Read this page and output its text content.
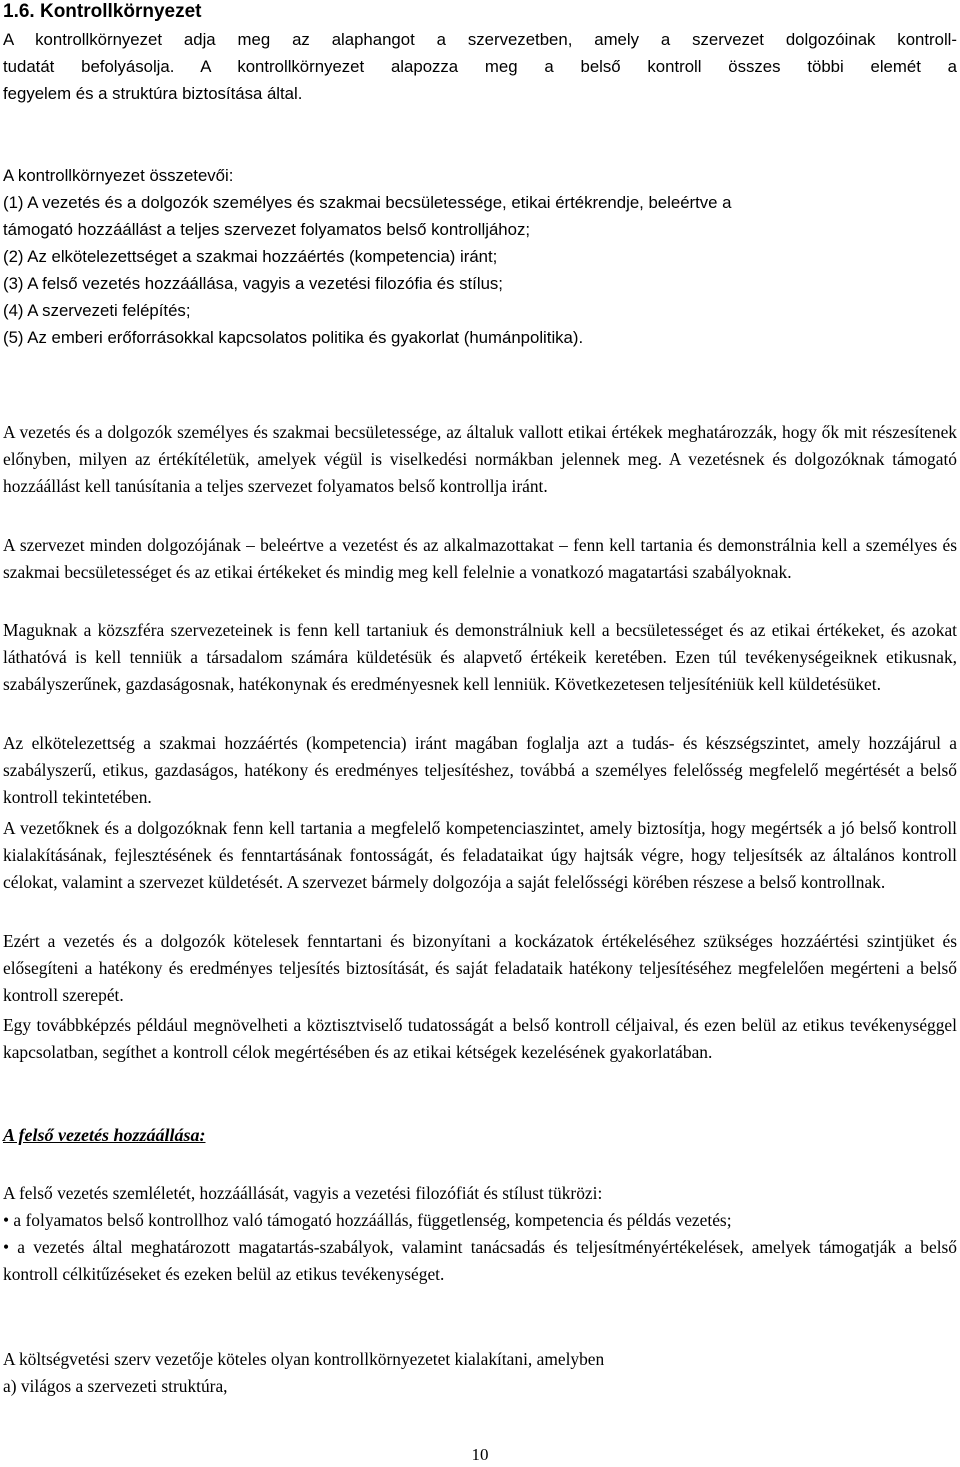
1.6. Kontrollkörnyezet
A kontrollkörnyezet adja meg az alaphangot a szervezetben, amely a szervezet dolgozóinak kontroll-
tudatát befolyásolja. A kontrollkörnyezet alapozza meg a belső kontroll összes többi elemét a
fegyelem és a struktúra biztosítása által.
A kontrollkörnyezet összetevői:
(1) A vezetés és a dolgozók személyes és szakmai becsületessége, etikai értékrendje, beleértve a
támogató hozzáállást a teljes szervezet folyamatos belső kontrolljához;
(2) Az elkötelezettséget a szakmai hozzáértés (kompetencia) iránt;
(3) A felső vezetés hozzáállása, vagyis a vezetési filozófia és stílus;
(4) A szervezeti felépítés;
(5) Az emberi erőforrásokkal kapcsolatos politika és gyakorlat (humánpolitika).
A vezetés és a dolgozók személyes és szakmai becsületessége, az általuk vallott etikai értékek meghatározzák, hogy ők mit részesítenek előnyben, milyen az értékítéletük, amelyek végül is viselkedési normákban jelennek meg. A vezetésnek és dolgozóknak támogató hozzáállást kell tanúsítania a teljes szervezet folyamatos belső kontrollja iránt.
A szervezet minden dolgozójának – beleértve a vezetést és az alkalmazottakat – fenn kell tartania és demonstrálnia kell a személyes és szakmai becsületességet és az etikai értékeket és mindig meg kell felelnie a vonatkozó magatartási szabályoknak.
Maguknak a közszféra szervezeteinek is fenn kell tartaniuk és demonstrálniuk kell a becsületességet és az etikai értékeket, és azokat láthatóvá is kell tenniük a társadalom számára küldetésük és alapvető értékeik keretében. Ezen túl tevékenységeiknek etikusnak, szabályszerűnek, gazdaságosnak, hatékonynak és eredményesnek kell lenniük. Következetesen teljesíténiük kell küldetésüket.
Az elkötelezettség a szakmai hozzáértés (kompetencia) iránt magában foglalja azt a tudás- és készségszintet, amely hozzájárul a szabályszerű, etikus, gazdaságos, hatékony és eredményes teljesítéshez, továbbá a személyes felelősség megfelelő megértését a belső kontroll tekintetében.
A vezetőknek és a dolgozóknak fenn kell tartania a megfelelő kompetenciaszintet, amely biztosítja, hogy megértsék a jó belső kontroll kialakításának, fejlesztésének és fenntartásának fontosságát, és feladataikat úgy hajtsák végre, hogy teljesítsék az általános kontroll célokat, valamint a szervezet küldetését. A szervezet bármely dolgozója a saját felelősségi körében részese a belső kontrollnak.
Ezért a vezetés és a dolgozók kötelesek fenntartani és bizonyítani a kockázatok értékeléséhez szükséges hozzáértési szintjüket és elősegíteni a hatékony és eredményes teljesítés biztosítását, és saját feladataik hatékony teljesítéséhez megfelelően megérteni a belső kontroll szerepét.
Egy továbbképzés például megnövelheti a köztisztviselő tudatosságát a belső kontroll céljaival, és ezen belül az etikus tevékenységgel kapcsolatban, segíthet a kontroll célok megértésében és az etikai kétségek kezelésének gyakorlatában.
A felső vezetés hozzáállása:
A felső vezetés szemléletét, hozzáállását, vagyis a vezetési filozófiát és stílust tükrözi:
• a folyamatos belső kontrollhoz való támogató hozzáállás, függetlenség, kompetencia és példás vezetés;
• a vezetés által meghatározott magatartás-szabályok, valamint tanácsadás és teljesítményértékelések, amelyek támogatják a belső kontroll célkitűzéseket és ezeken belül az etikus tevékenységet.
A költségvetési szerv vezetője köteles olyan kontrollkörnyezetet kialakítani, amelyben
a) világos a szervezeti struktúra,
10
